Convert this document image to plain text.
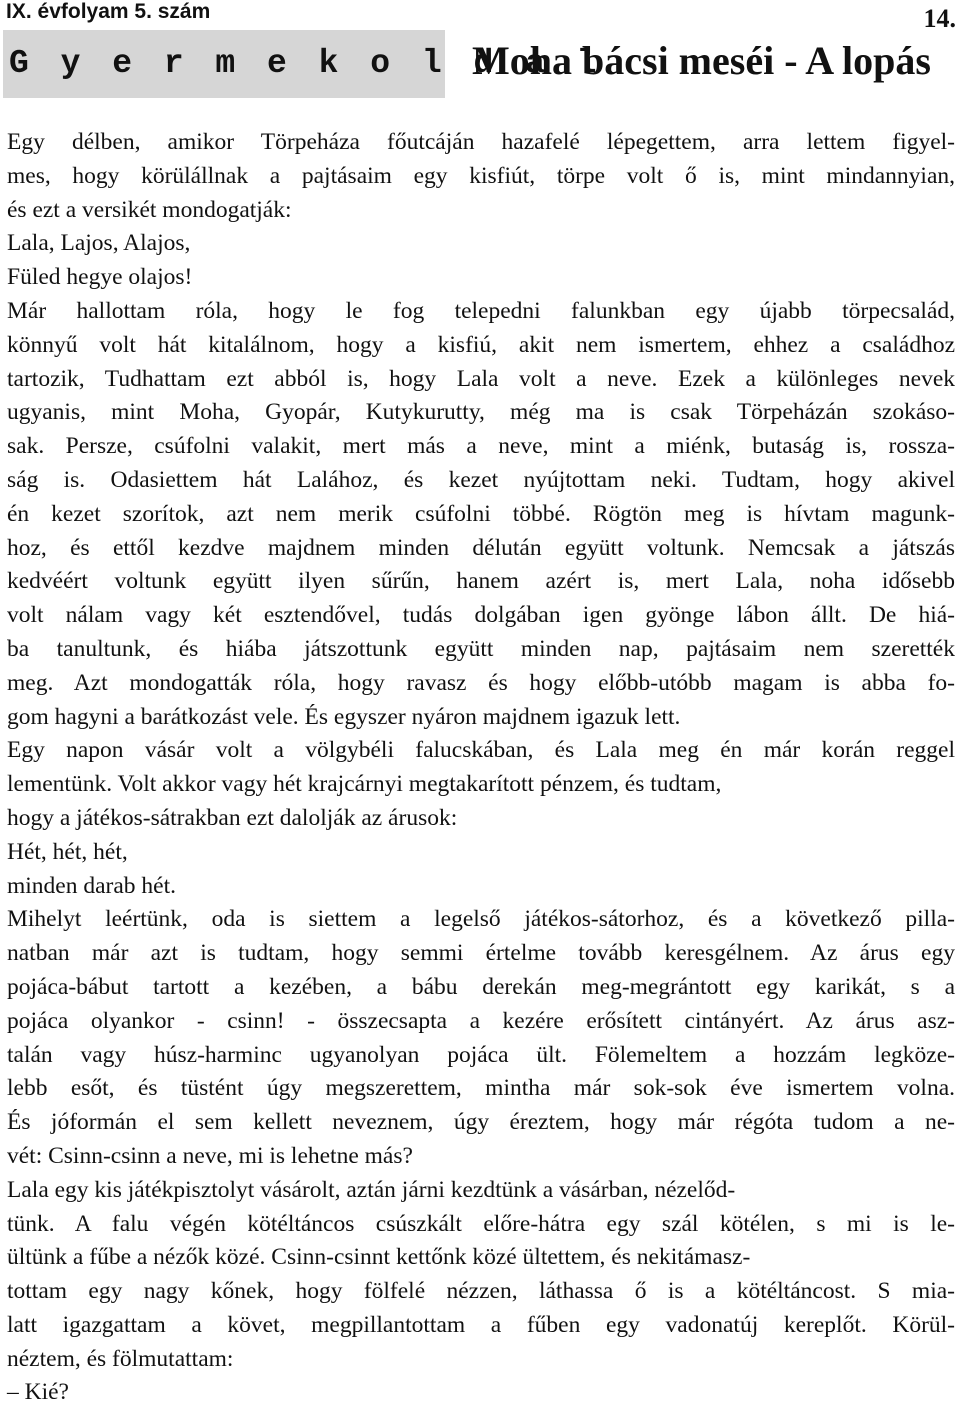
IX. évfolyam 5. szám	14.
G y e r m e k o l d a l
Moha bácsi meséi - A lopás
Egy délben, amikor Törpeháza főutcáján hazafelé lépegettem, arra lettem figyel-
mes, hogy körülállnak a pajtásaim egy kisfiút, törpe volt ő is, mint mindannyian,
és ezt a versikét mondogatják:
Lala, Lajos, Alajos,
Füled hegye olajos!
Már hallottam róla, hogy le fog telepedni falunkban egy újabb törpecsalád,
könnyű volt hát kitalálnom, hogy a kisfiú, akit nem ismertem, ehhez a családhoz
tartozik, Tudhattam ezt abból is, hogy Lala volt a neve. Ezek a különleges nevek
ugyanis, mint Moha, Gyopár, Kutykurutty, még ma is csak Törpeházán szokáso-
sak. Persze, csúfolni valakit, mert más a neve, mint a miénk, butaság is, rossza-
ság is. Odasiettem hát Lalához, és kezet nyújtottam neki. Tudtam, hogy akivel
én kezet szorítok, azt nem merik csúfolni többé. Rögtön meg is hívtam magunk-
hoz, és ettől kezdve majdnem minden délután együtt voltunk. Nemcsak a játszás
kedvéért voltunk együtt ilyen sűrűn, hanem azért is, mert Lala, noha idősebb
volt nálam vagy két esztendővel, tudás dolgában igen gyönge lábon állt. De hiá-
ba tanultunk, és hiába játszottunk együtt minden nap, pajtásaim nem szerették
meg. Azt mondogatták róla, hogy ravasz és hogy előbb-utóbb magam is abba fo-
gom hagyni a barátkozást vele. És egyszer nyáron majdnem igazuk lett.
Egy napon vásár volt a völgybéli falucskában, és Lala meg én már korán reggel
lementünk. Volt akkor vagy hét krajcárnyi megtakarított pénzem, és tudtam,
hogy a játékos-sátrakban ezt dalolják az árusok:
Hét, hét, hét,
minden darab hét.
Mihelyt leértünk, oda is siettem a legelső játékos-sátorhoz, és a következő pilla-
natban már azt is tudtam, hogy semmi értelme tovább keresgélnem. Az árus egy
pojáca-bábut tartott a kezében, a bábu derekán meg-megrántott egy karikát, s a
pojáca olyankor - csinn! - összecsapta a kezére erősített cintányért. Az árus asz-
talán vagy húsz-harminc ugyanolyan pojáca ült. Fölemeltem a hozzám legköze-
lebb esőt, és tüstént úgy megszerettem, mintha már sok-sok éve ismertem volna.
És jóformán el sem kellett neveznem, úgy éreztem, hogy már régóta tudom a ne-
vét: Csinn-csinn a neve, mi is lehetne más?
Lala egy kis játékpisztolyt vásárolt, aztán járni kezdtünk a vásárban, nézelőd-
tünk. A falu végén kötéltáncos csúszkált előre-hátra egy szál kötélen, s mi is le-
ültünk a fűbe a nézők közé. Csinn-csinnt kettőnk közé ültettem, és nekitámasz-
tottam egy nagy kőnek, hogy fölfelé nézzen, láthassa ő is a kötéltáncost. S mia-
latt igazgattam a követ, megpillantottam a fűben egy vadonatúj kereplőt. Körül-
néztem, és fölmutattam:
– Kié?
